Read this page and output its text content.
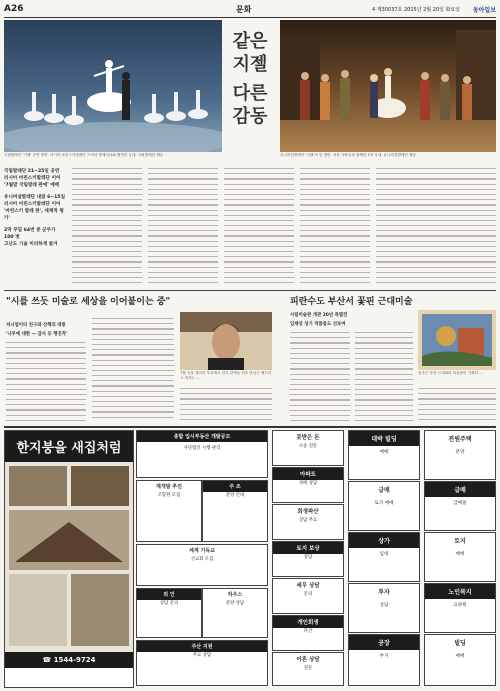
A26	문화	4 제30037호 2015년 2월 20일 화요일 동아일보
국립발레단 '지젤' 공연 장면. 러시아 마린스키발레단 프리마 발레리나와 협연한 무대. 국립발레단 제공
같은
지젤
다른
감동
유니버설발레단 '지젤'의 한 장면. 마을 사람들과 함께한 1막 무대. 유니버설발레단 제공
국립발레단 21~25일 공연
러시아 마린스키발레단 이어
'7월말 국립발레 판에' 예매
유니버설발레단 내달 6~15일
러시아 마린스키발레단 이어
'마린스키 발레 판', 세계적 평가'
2막 무덤 64번 중 군무가 100 벗
고난도 기술 미러하게 즐겨
"시를 쓰듯 미술로 세상을 이어붙이는 중"
저니엄이터 친구와 산책의 대통
'나무에 대한 — 감사 등 행진작'
7월 서울 갤러리 우리에서 한국 관객들 처음 만나는 앤드리스 작가는 ...
피란수도 부산서 꽃핀 근대미술
사립미술관 개관 20년 특별전
임채상 성기 작품들도 선보여
김준곤 부산 근대회화 미술관이 기획한 ...
한지붕을 새집처럼
☎ 1544-9724
종합 입시부동산 개발공모
사단법인 시행·관리
재개발 추진
조합원 모집
주 조
분양 안내
세계 기독교
선교회 모집
외 인
상담 문의
하우스
분양 상담
주산 지원
무료 상담
못받은 돈
소송 전문
아파트
경매 상담
회생파산
상담 무료
토지 보상
상담
세무 상담
문의
개인회생
파산
이혼 상담
전문
대박 빌딩
매매
급매
토지 매매
상가
임대
투자
상담
공장
부지
전원주택
분양
급매
급매물
토지
매매
노인복지
요양원
빌딩
매매
